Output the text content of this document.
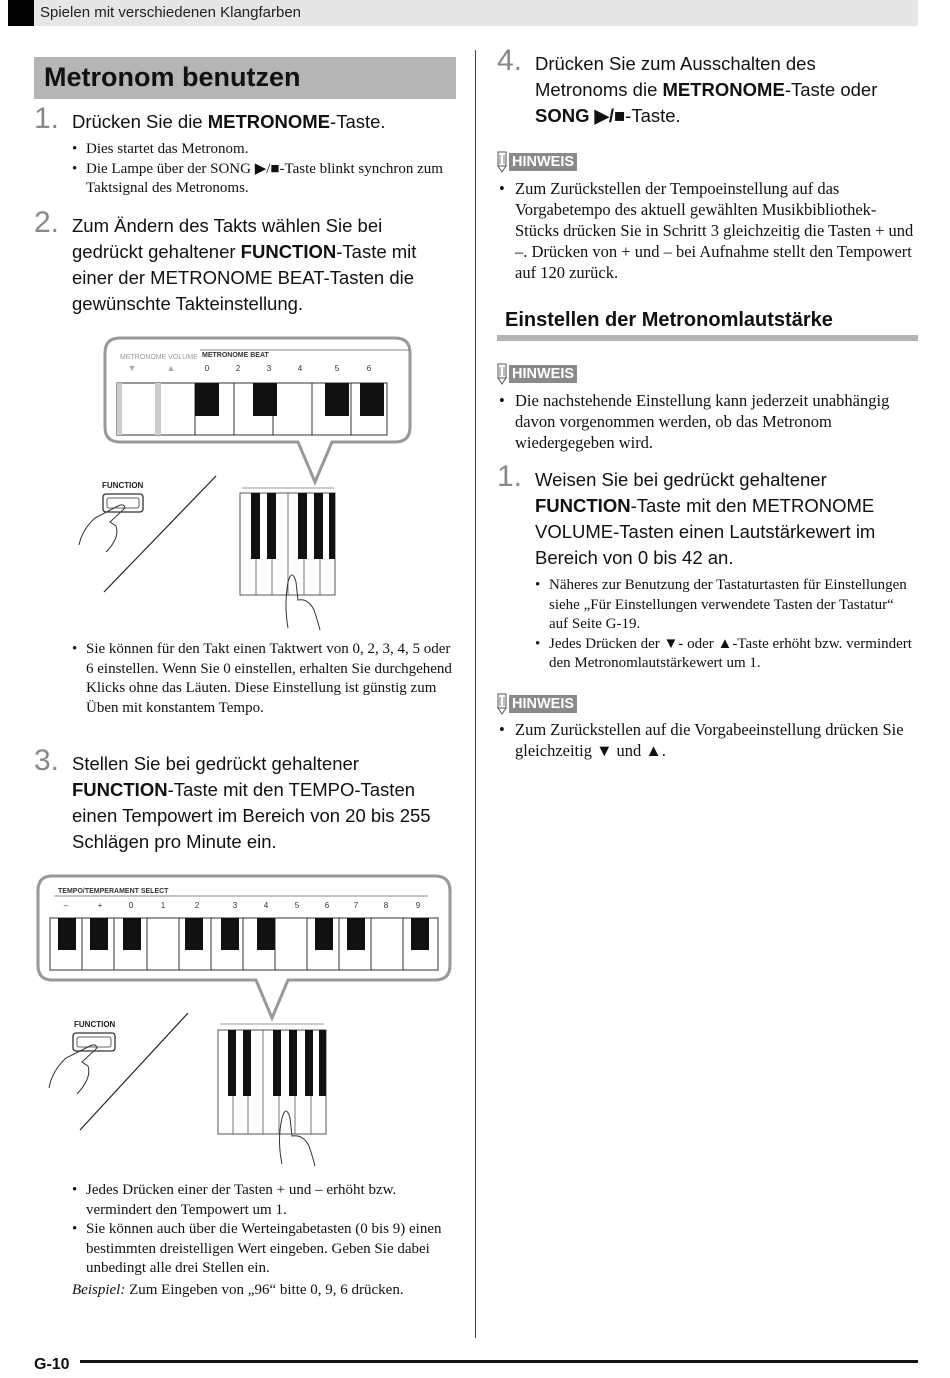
Spielen mit verschiedenen Klangfarben
Metronom benutzen
1. Drücken Sie die METRONOME-Taste.
• Dies startet das Metronom.
• Die Lampe über der SONG ▶/■-Taste blinkt synchron zum Taktsignal des Metronoms.
2. Zum Ändern des Takts wählen Sie bei
gedrückt gehaltener FUNCTION-Taste mit
einer der METRONOME BEAT-Tasten die
gewünschte Takteinstellung.
METRONOME VOLUME METRONOME BEAT
▼	▲	0	2	3	4	5	6
FUNCTION
• Sie können für den Takt einen Taktwert von 0, 2, 3, 4, 5 oder 6 einstellen. Wenn Sie 0 einstellen, erhalten Sie durchgehend Klicks ohne das Läuten. Diese Einstellung ist günstig zum Üben mit konstantem Tempo.
3. Stellen Sie bei gedrückt gehaltener
FUNCTION-Taste mit den TEMPO-Tasten
einen Tempowert im Bereich von 20 bis 255
Schlägen pro Minute ein.
TEMPO/TEMPERAMENT SELECT
–	+	0	1	2	3	4	5	6	7	8	9
FUNCTION
• Jedes Drücken einer der Tasten + und – erhöht bzw. vermindert den Tempowert um 1.
• Sie können auch über die Werteingabetasten (0 bis 9) einen bestimmten dreistelligen Wert eingeben. Geben Sie dabei unbedingt alle drei Stellen ein.
Beispiel: Zum Eingeben von „96“ bitte 0, 9, 6 drücken.
4. Drücken Sie zum Ausschalten des
Metronoms die METRONOME-Taste oder
SONG ▶/■-Taste.
HINWEIS
• Zum Zurückstellen der Tempoeinstellung auf das Vorgabetempo des aktuell gewählten Musikbibliothek-Stücks drücken Sie in Schritt 3 gleichzeitig die Tasten + und –. Drücken von + und – bei Aufnahme stellt den Tempowert auf 120 zurück.
Einstellen der Metronomlautstärke
HINWEIS
• Die nachstehende Einstellung kann jederzeit unabhängig davon vorgenommen werden, ob das Metronom wiedergegeben wird.
1. Weisen Sie bei gedrückt gehaltener
FUNCTION-Taste mit den METRONOME
VOLUME-Tasten einen Lautstärkewert im
Bereich von 0 bis 42 an.
• Näheres zur Benutzung der Tastaturtasten für Einstellungen siehe „Für Einstellungen verwendete Tasten der Tastatur“ auf Seite G-19.
• Jedes Drücken der ▼- oder ▲-Taste erhöht bzw. vermindert den Metronomlautstärkewert um 1.
HINWEIS
• Zum Zurückstellen auf die Vorgabeeinstellung drücken Sie gleichzeitig ▼ und ▲.
G-10
